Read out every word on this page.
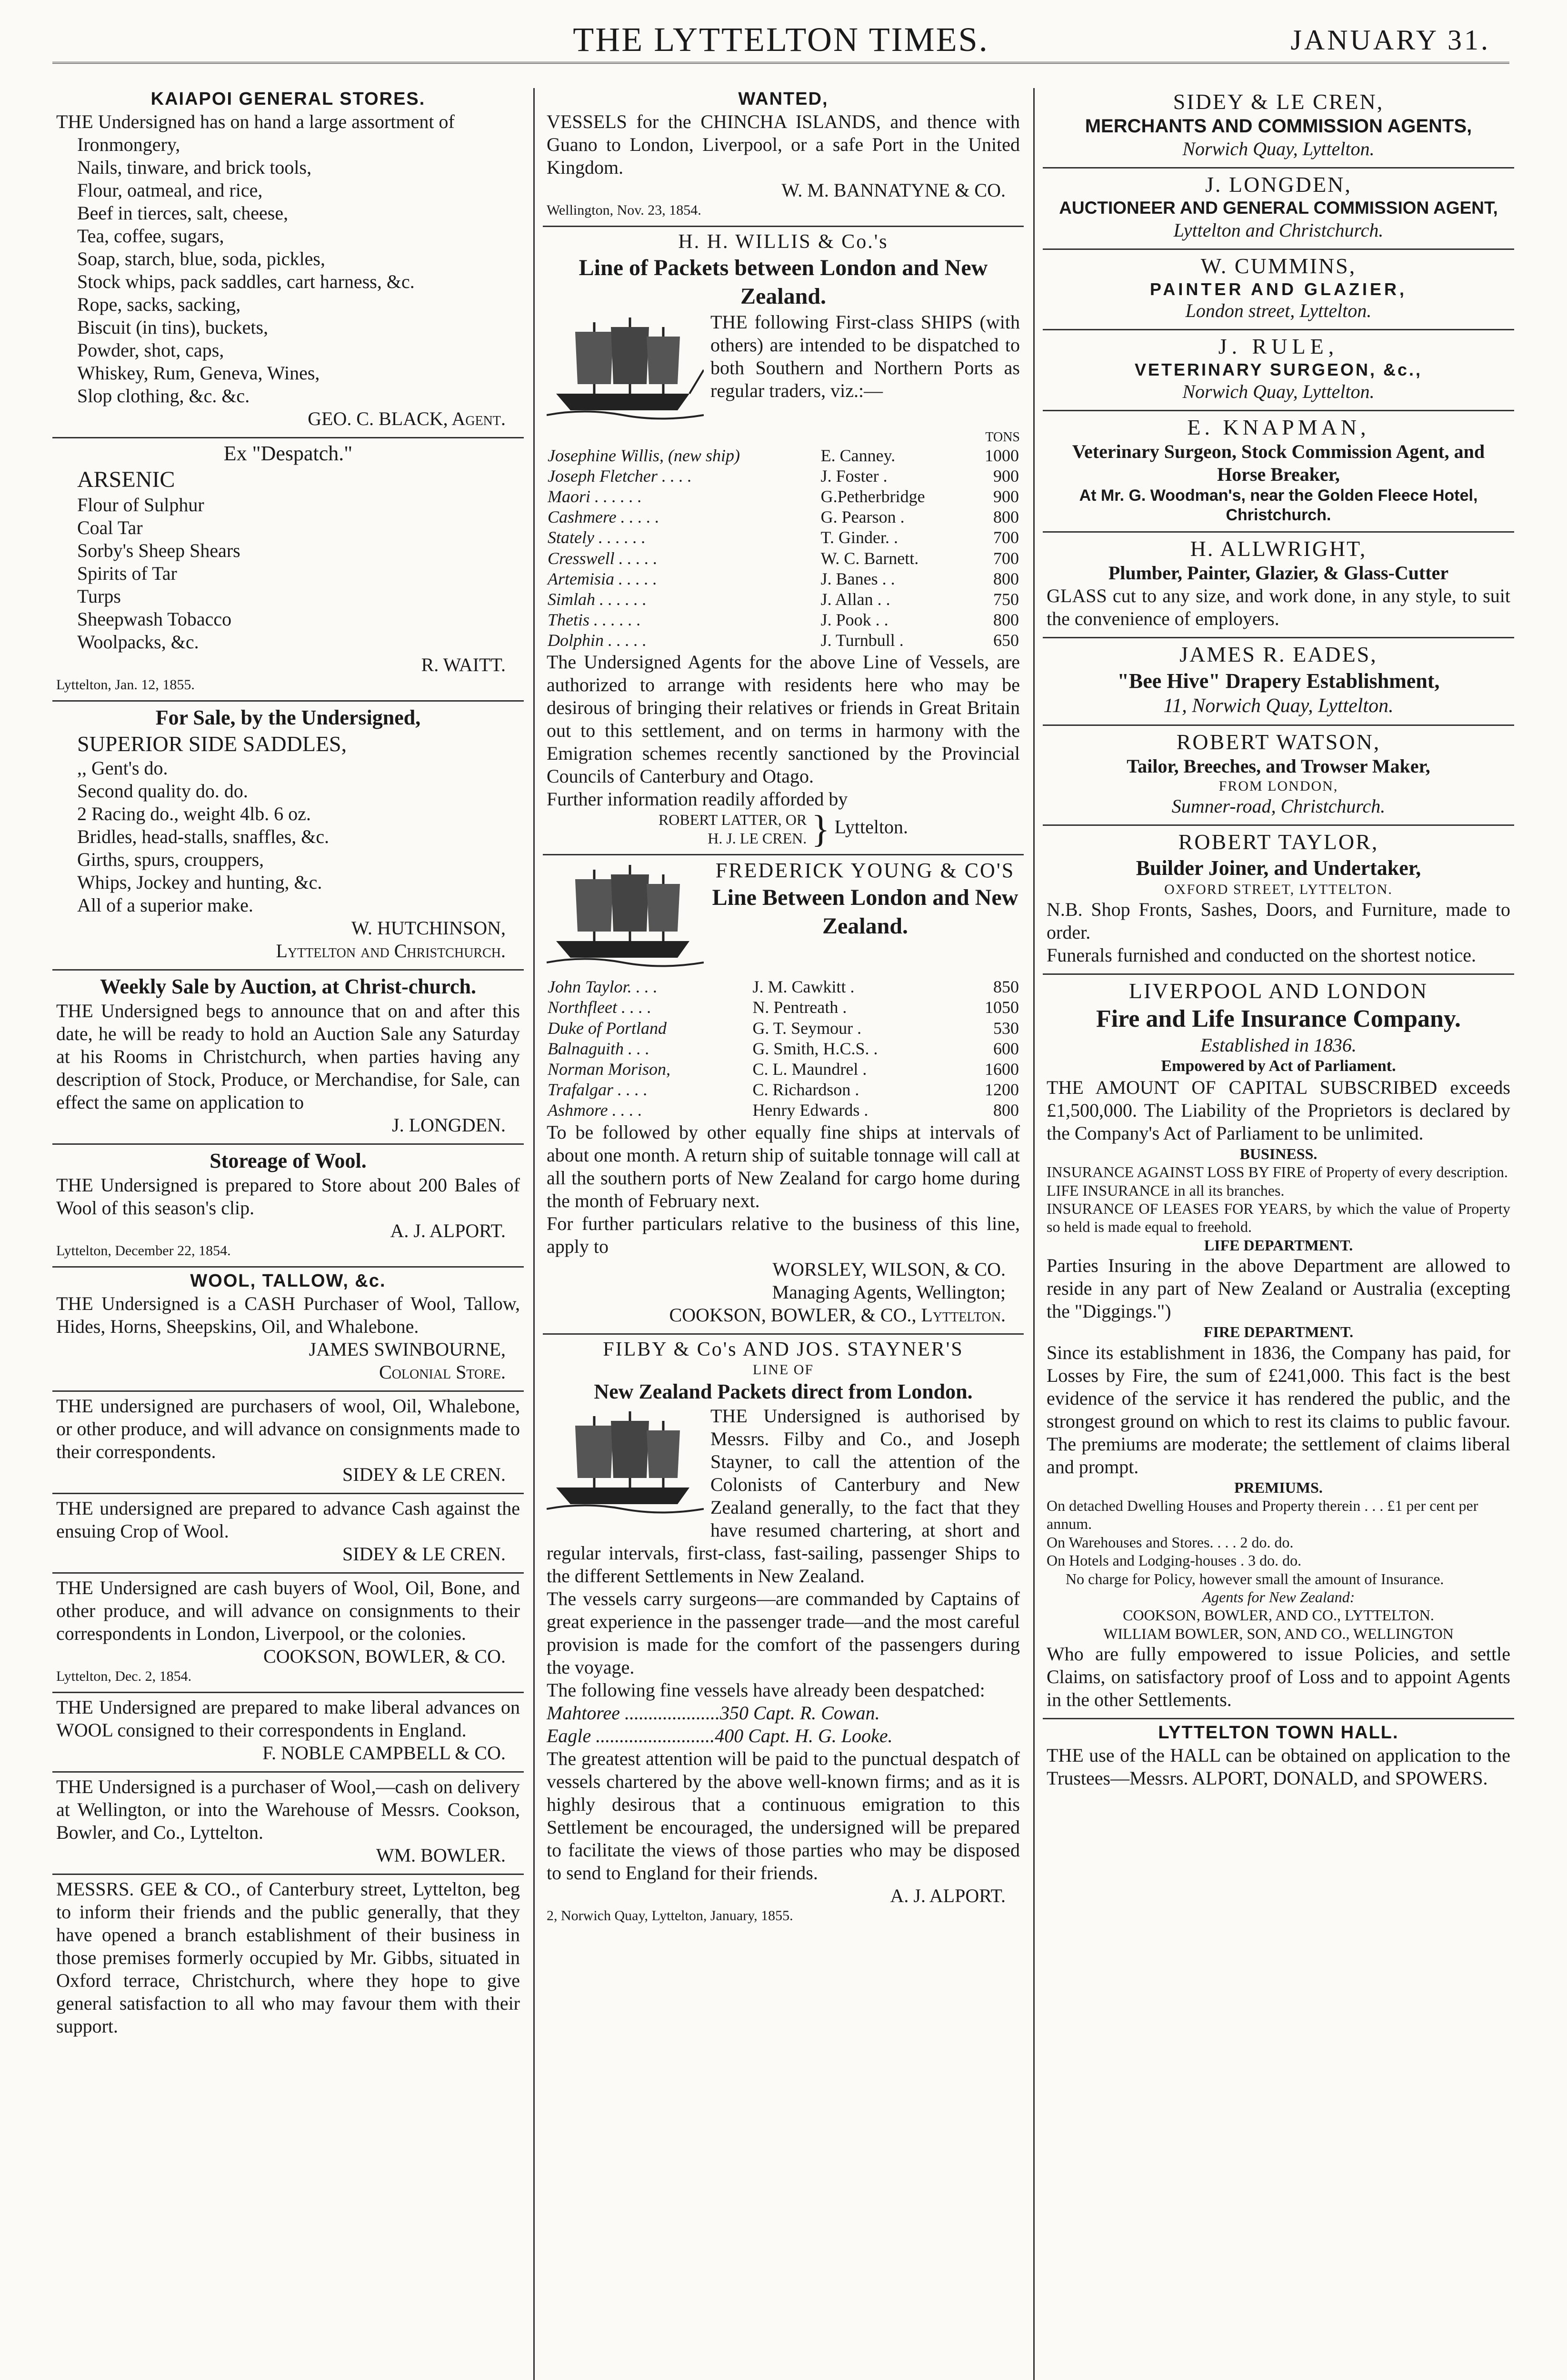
THE LYTTELTON TIMES.	JANUARY 31.
KAIAPOI GENERAL STORES.
THE Undersigned has on hand a large assortment of
Ironmongery,
Nails, tinware, and brick tools,
Flour, oatmeal, and rice,
Beef in tierces, salt, cheese,
Tea, coffee, sugars,
Soap, starch, blue, soda, pickles,
Stock whips, pack saddles, cart harness, &c.
Rope, sacks, sacking,
Biscuit (in tins), buckets,
Powder, shot, caps,
Whiskey, Rum, Geneva, Wines,
Slop clothing, &c. &c.
GEO. C. BLACK, Agent.
Ex "Despatch."
ARSENIC
Flour of Sulphur
Coal Tar
Sorby's Sheep Shears
Spirits of Tar
Turps
Sheepwash Tobacco
Woolpacks, &c.
R. WAITT.
Lyttelton, Jan. 12, 1855.
For Sale, by the Undersigned,
SUPERIOR SIDE SADDLES,
,, Gent's do.
Second quality do. do.
2 Racing do., weight 4lb. 6 oz.
Bridles, head-stalls, snaffles, &c.
Girths, spurs, crouppers,
Whips, Jockey and hunting, &c.
All of a superior make.
W. HUTCHINSON,
Lyttelton and Christchurch.
Weekly Sale by Auction, at Christ-church.
THE Undersigned begs to announce that on and after this date, he will be ready to hold an Auction Sale any Saturday at his Rooms in Christchurch, when parties having any description of Stock, Produce, or Merchandise, for Sale, can effect the same on application to
J. LONGDEN.
Storeage of Wool.
THE Undersigned is prepared to Store about 200 Bales of Wool of this season's clip.
A. J. ALPORT.
Lyttelton, December 22, 1854.
WOOL, TALLOW, &c.
THE Undersigned is a CASH Purchaser of Wool, Tallow, Hides, Horns, Sheepskins, Oil, and Whalebone.
JAMES SWINBOURNE,
Colonial Store.
THE undersigned are purchasers of wool, Oil, Whalebone, or other produce, and will advance on consignments made to their correspondents.
SIDEY & LE CREN.
THE undersigned are prepared to advance Cash against the ensuing Crop of Wool.
SIDEY & LE CREN.
THE Undersigned are cash buyers of Wool, Oil, Bone, and other produce, and will advance on consignments to their correspondents in London, Liverpool, or the colonies.
COOKSON, BOWLER, & CO.
Lyttelton, Dec. 2, 1854.
THE Undersigned are prepared to make liberal advances on WOOL consigned to their correspondents in England.
F. NOBLE CAMPBELL & CO.
THE Undersigned is a purchaser of Wool,—cash on delivery at Wellington, or into the Warehouse of Messrs. Cookson, Bowler, and Co., Lyttelton.
WM. BOWLER.
MESSRS. GEE & CO., of Canterbury street, Lyttelton, beg to inform their friends and the public generally, that they have opened a branch establishment of their business in those premises formerly occupied by Mr. Gibbs, situated in Oxford terrace, Christchurch, where they hope to give general satisfaction to all who may favour them with their support.
WANTED,
VESSELS for the CHINCHA ISLANDS, and thence with Guano to London, Liverpool, or a safe Port in the United Kingdom.
W. M. BANNATYNE & CO.
Wellington, Nov. 23, 1854.
H. H. WILLIS & Co.'s
Line of Packets between London and New Zealand.
THE following First-class SHIPS (with others) are intended to be dispatched to both Southern and Northern Ports as regular traders, viz.:—
TONS
Josephine Willis, (new ship)	E. Canney.	1000
Joseph Fletcher . . . .	J. Foster .	900
Maori . . . . . .	G.Petherbridge	900
Cashmere . . . . .	G. Pearson .	800
Stately . . . . . .	T. Ginder. .	700
Cresswell . . . . .	W. C. Barnett.	700
Artemisia . . . . .	J. Banes . .	800
Simlah . . . . . .	J. Allan . .	750
Thetis . . . . . .	J. Pook . .	800
Dolphin . . . . .	J. Turnbull .	650
The Undersigned Agents for the above Line of Vessels, are authorized to arrange with residents here who may be desirous of bringing their relatives or friends in Great Britain out to this settlement, and on terms in harmony with the Emigration schemes recently sanctioned by the Provincial Councils of Canterbury and Otago.
Further information readily afforded by
ROBERT LATTER, OR
H. J. LE CREN. } Lyttelton.
FREDERICK YOUNG & CO'S
Line Between London and New Zealand.
John Taylor. . . .	J. M. Cawkitt .	850
Northfleet . . . .	N. Pentreath .	1050
Duke of Portland	G. T. Seymour .	530
Balnaguith . . .	G. Smith, H.C.S. .	600
Norman Morison,	C. L. Maundrel .	1600
Trafalgar . . . .	C. Richardson .	1200
Ashmore . . . .	Henry Edwards .	800
To be followed by other equally fine ships at intervals of about one month. A return ship of suitable tonnage will call at all the southern ports of New Zealand for cargo home during the month of February next.
For further particulars relative to the business of this line, apply to
WORSLEY, WILSON, & CO.
Managing Agents, Wellington;
COOKSON, BOWLER, & CO., Lyttelton.
FILBY & Co's AND JOS. STAYNER'S
LINE OF
New Zealand Packets direct from London.
THE Undersigned is authorised by Messrs. Filby and Co., and Joseph Stayner, to call the attention of the Colonists of Canterbury and New Zealand generally, to the fact that they have resumed chartering, at short and regular intervals, first-class, fast-sailing, passenger Ships to the different Settlements in New Zealand.
The vessels carry surgeons—are commanded by Captains of great experience in the passenger trade—and the most careful provision is made for the comfort of the passengers during the voyage.
The following fine vessels have already been despatched:
Mahtoree ....................350 Capt. R. Cowan.
Eagle .........................400 Capt. H. G. Looke.
The greatest attention will be paid to the punctual despatch of vessels chartered by the above well-known firms; and as it is highly desirous that a continuous emigration to this Settlement be encouraged, the undersigned will be prepared to facilitate the views of those parties who may be disposed to send to England for their friends.
A. J. ALPORT.
2, Norwich Quay, Lyttelton, January, 1855.
SIDEY & LE CREN,
MERCHANTS AND COMMISSION AGENTS,
Norwich Quay, Lyttelton.
J. LONGDEN,
AUCTIONEER AND GENERAL COMMISSION AGENT,
Lyttelton and Christchurch.
W. CUMMINS,
PAINTER AND GLAZIER,
London street, Lyttelton.
J. RULE,
VETERINARY SURGEON, &c.,
Norwich Quay, Lyttelton.
E. KNAPMAN,
Veterinary Surgeon, Stock Commission Agent, and Horse Breaker,
At Mr. G. Woodman's, near the Golden Fleece Hotel, Christchurch.
H. ALLWRIGHT,
Plumber, Painter, Glazier, & Glass-Cutter
GLASS cut to any size, and work done, in any style, to suit the convenience of employers.
JAMES R. EADES,
"Bee Hive" Drapery Establishment,
11, Norwich Quay, Lyttelton.
ROBERT WATSON,
Tailor, Breeches, and Trowser Maker,
FROM LONDON,
Sumner-road, Christchurch.
ROBERT TAYLOR,
Builder Joiner, and Undertaker,
OXFORD STREET, LYTTELTON.
N.B. Shop Fronts, Sashes, Doors, and Furniture, made to order.
Funerals furnished and conducted on the shortest notice.
LIVERPOOL AND LONDON
Fire and Life Insurance Company.
Established in 1836.
Empowered by Act of Parliament.
THE AMOUNT OF CAPITAL SUBSCRIBED exceeds £1,500,000. The Liability of the Proprietors is declared by the Company's Act of Parliament to be unlimited.
BUSINESS.
INSURANCE AGAINST LOSS BY FIRE of Property of every description.
LIFE INSURANCE in all its branches.
INSURANCE OF LEASES FOR YEARS, by which the value of Property so held is made equal to freehold.
LIFE DEPARTMENT.
Parties Insuring in the above Department are allowed to reside in any part of New Zealand or Australia (excepting the "Diggings.")
FIRE DEPARTMENT.
Since its establishment in 1836, the Company has paid, for Losses by Fire, the sum of £241,000. This fact is the best evidence of the service it has rendered the public, and the strongest ground on which to rest its claims to public favour. The premiums are moderate; the settlement of claims liberal and prompt.
PREMIUMS.
On detached Dwelling Houses and Property therein . . . £1 per cent per annum.
On Warehouses and Stores. . . . 2 do. do.
On Hotels and Lodging-houses . 3 do. do.
No charge for Policy, however small the amount of Insurance.
Agents for New Zealand:
COOKSON, BOWLER, AND CO., LYTTELTON.
WILLIAM BOWLER, SON, AND CO., WELLINGTON
Who are fully empowered to issue Policies, and settle Claims, on satisfactory proof of Loss and to appoint Agents in the other Settlements.
LYTTELTON TOWN HALL.
THE use of the HALL can be obtained on application to the Trustees—Messrs. ALPORT, DONALD, and SPOWERS.
